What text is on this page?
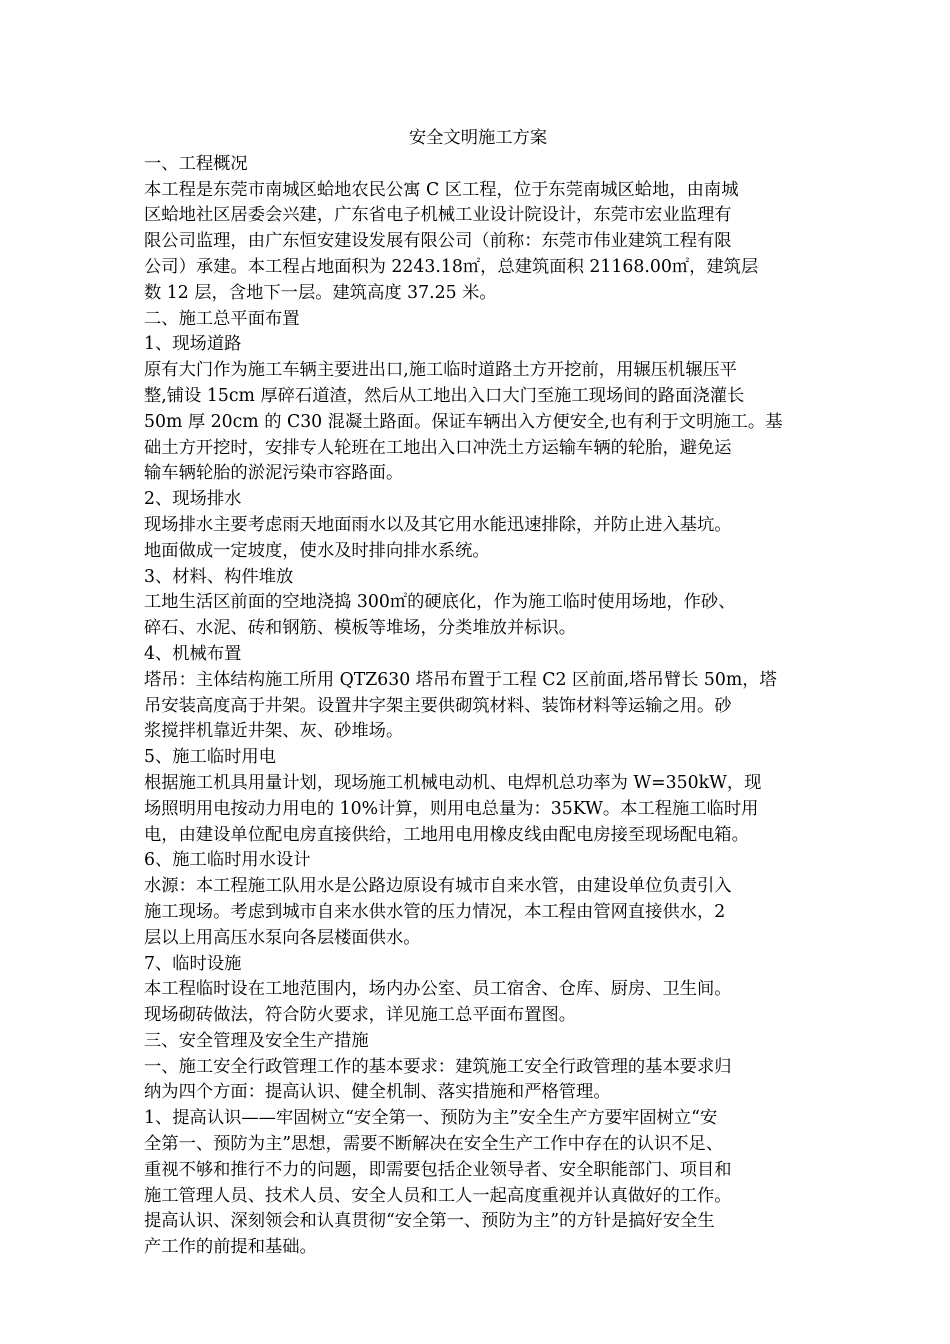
安全文明施工方案

一、工程概况

本工程是东莞市南城区蛤地农民公寓 C 区工程，位于东莞南城区蛤地，由南城

区蛤地社区居委会兴建，广东省电子机械工业设计院设计，东莞市宏业监理有

限公司监理，由广东恒安建设发展有限公司（前称：东莞市伟业建筑工程有限

公司）承建。本工程占地面积为 2243.18㎡，总建筑面积 21168.00㎡，建筑层

数 12 层，含地下一层。建筑高度 37.25 米。

二、施工总平面布置

1、现场道路

原有大门作为施工车辆主要进出口,施工临时道路土方开挖前，用辗压机辗压平

整,铺设 15cm 厚碎石道渣，然后从工地出入口大门至施工现场间的路面浇灌长

50m 厚 20cm 的 C30 混凝土路面。保证车辆出入方便安全,也有利于文明施工。基

础土方开挖时，安排专人轮班在工地出入口冲洗土方运输车辆的轮胎，避免运

输车辆轮胎的淤泥污染市容路面。

2、现场排水

现场排水主要考虑雨天地面雨水以及其它用水能迅速排除，并防止进入基坑。

地面做成一定坡度，使水及时排向排水系统。

3、材料、构件堆放

工地生活区前面的空地浇捣 300㎡的硬底化，作为施工临时使用场地，作砂、

碎石、水泥、砖和钢筋、模板等堆场，分类堆放并标识。

4、机械布置

塔吊：主体结构施工所用 QTZ630 塔吊布置于工程 C2 区前面,塔吊臂长 50m，塔

吊安装高度高于井架。设置井字架主要供砌筑材料、装饰材料等运输之用。砂

浆搅拌机靠近井架、灰、砂堆场。

5、施工临时用电

根据施工机具用量计划，现场施工机械电动机、电焊机总功率为 W=350kW，现

场照明用电按动力用电的 10%计算，则用电总量为：35KW。本工程施工临时用

电，由建设单位配电房直接供给，工地用电用橡皮线由配电房接至现场配电箱。

6、施工临时用水设计

水源：本工程施工队用水是公路边原设有城市自来水管，由建设单位负责引入

施工现场。考虑到城市自来水供水管的压力情况，本工程由管网直接供水，2

层以上用高压水泵向各层楼面供水。

7、临时设施

本工程临时设在工地范围内，场内办公室、员工宿舍、仓库、厨房、卫生间。

现场砌砖做法，符合防火要求，详见施工总平面布置图。

三、安全管理及安全生产措施

一、施工安全行政管理工作的基本要求：建筑施工安全行政管理的基本要求归

纳为四个方面：提高认识、健全机制、落实措施和严格管理。

1、提高认识——牢固树立“安全第一、预防为主”安全生产方要牢固树立“安

全第一、预防为主”思想，需要不断解决在安全生产工作中存在的认识不足、

重视不够和推行不力的问题，即需要包括企业领导者、安全职能部门、项目和

施工管理人员、技术人员、安全人员和工人一起高度重视并认真做好的工作。

提高认识、深刻领会和认真贯彻“安全第一、预防为主”的方针是搞好安全生

产工作的前提和基础。
